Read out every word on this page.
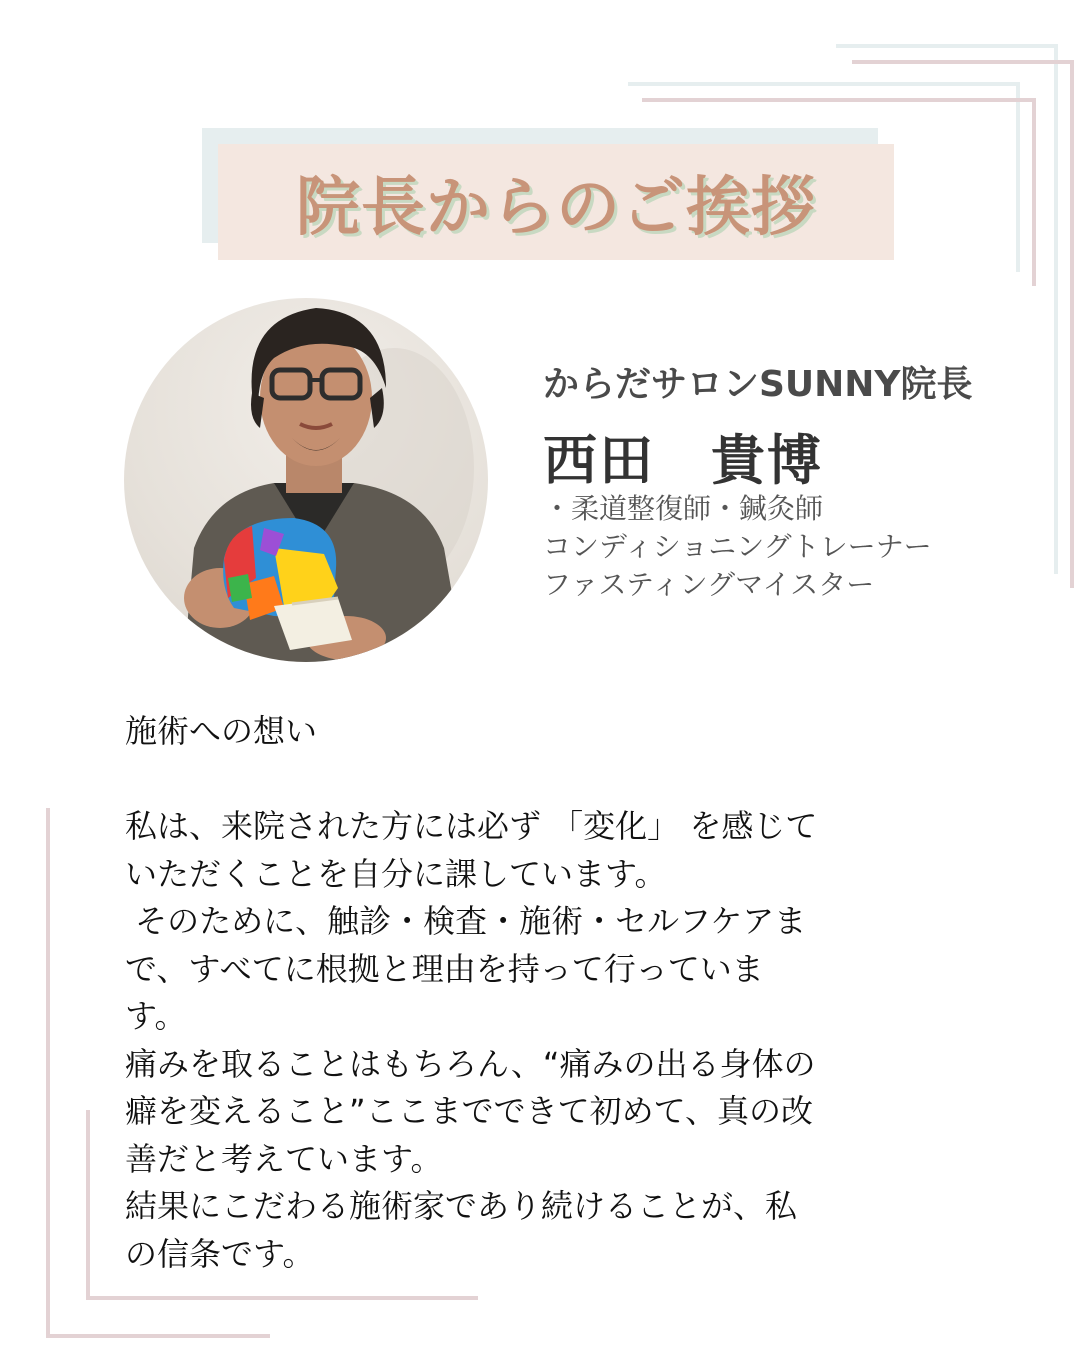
院長からのご挨拶
からだサロンSUNNY院長
西田　貴博
・柔道整復師・鍼灸師
コンディショニングトレーナー
ファスティングマイスター
施術への想い
私は、来院された方には必ず 「変化」 を感じて
いただくことを自分に課しています。
そのために、触診・検査・施術・セルフケアま
で、すべてに根拠と理由を持って行っていま
す。
痛みを取ることはもちろん、“痛みの出る身体の
癖を変えること”ここまでできて初めて、真の改
善だと考えています。
結果にこだわる施術家であり続けることが、私
の信条です。
